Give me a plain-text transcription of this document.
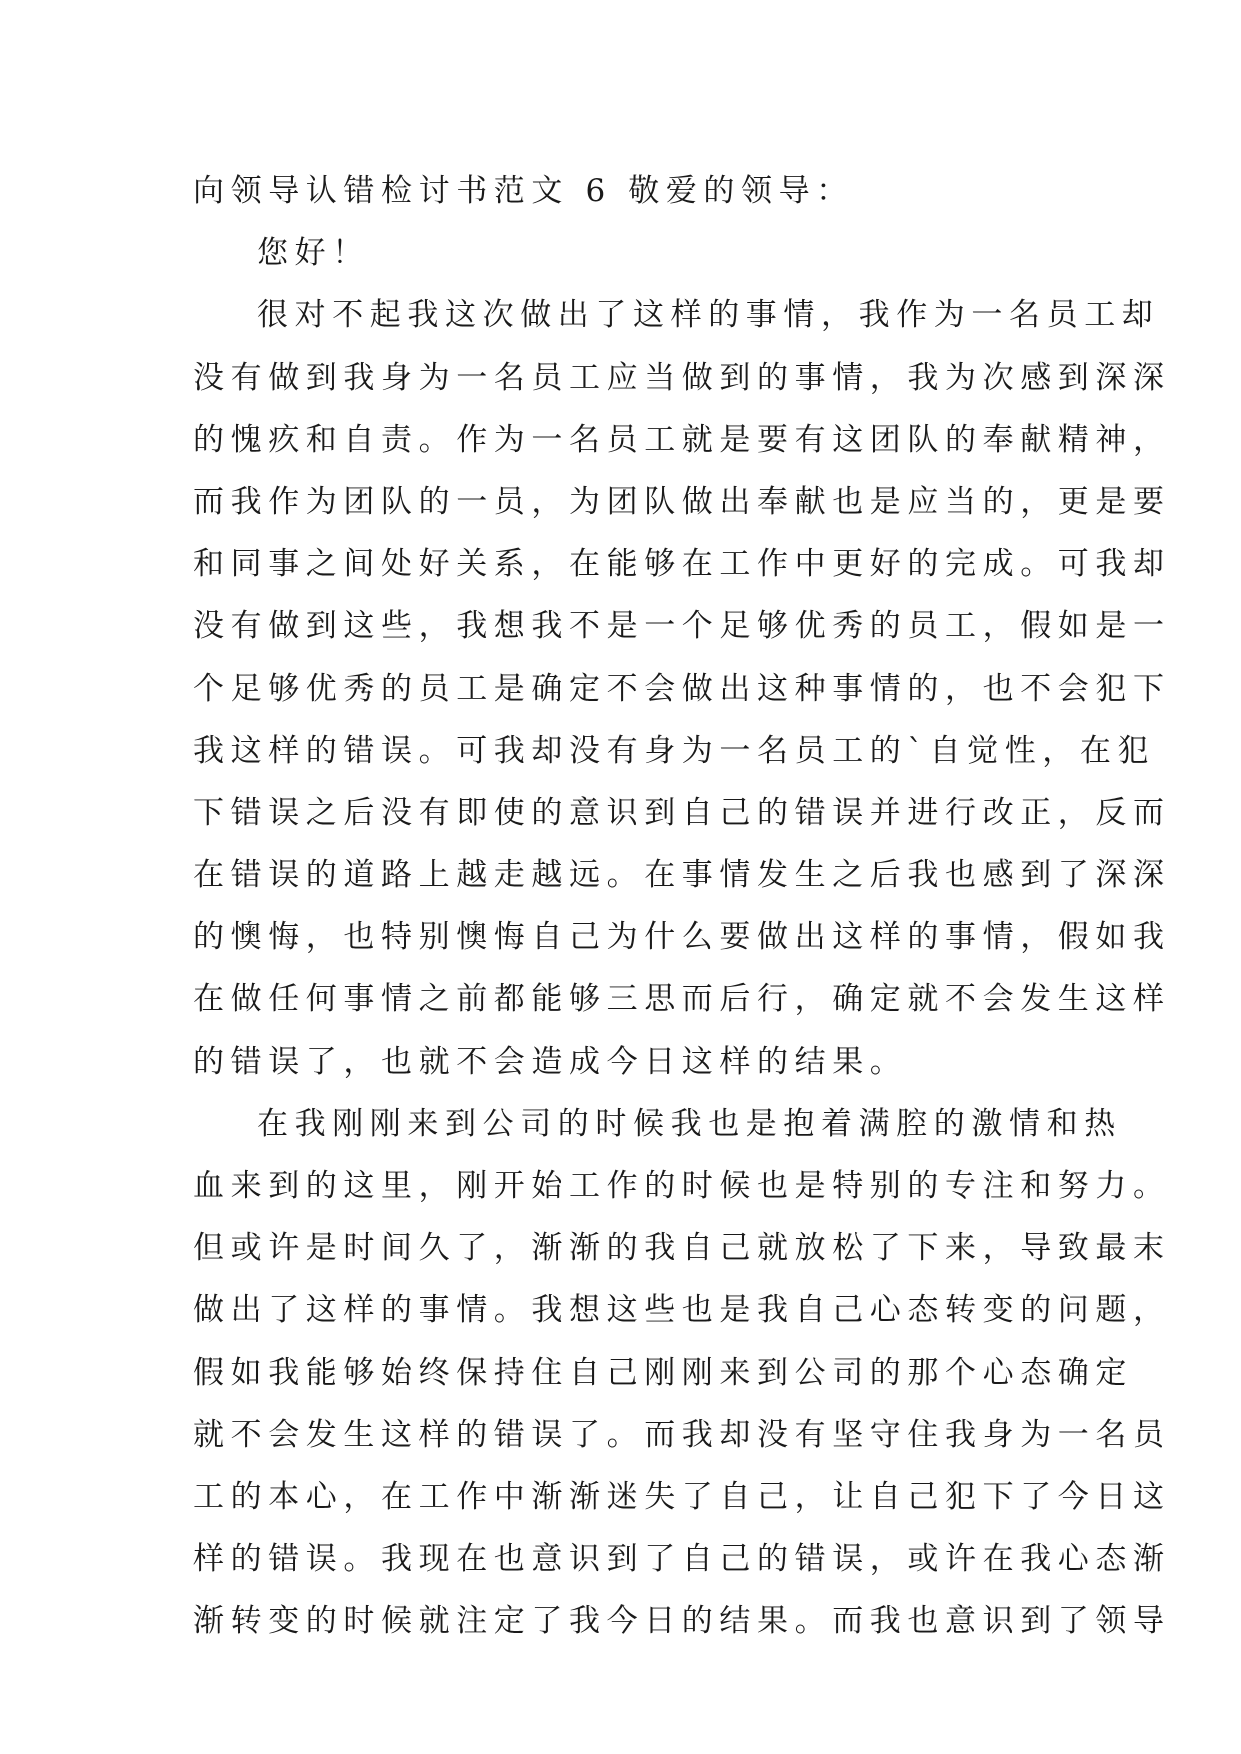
向领导认错检讨书范文 6 敬爱的领导：
您好！
很对不起我这次做出了这样的事情，我作为一名员工却
没有做到我身为一名员工应当做到的事情，我为次感到深深
的愧疚和自责。作为一名员工就是要有这团队的奉献精神，
而我作为团队的一员，为团队做出奉献也是应当的，更是要
和同事之间处好关系，在能够在工作中更好的完成。可我却
没有做到这些，我想我不是一个足够优秀的员工，假如是一
个足够优秀的员工是确定不会做出这种事情的，也不会犯下
我这样的错误。可我却没有身为一名员工的`自觉性，在犯
下错误之后没有即使的意识到自己的错误并进行改正，反而
在错误的道路上越走越远。在事情发生之后我也感到了深深
的懊悔，也特别懊悔自己为什么要做出这样的事情，假如我
在做任何事情之前都能够三思而后行，确定就不会发生这样
的错误了，也就不会造成今日这样的结果。
在我刚刚来到公司的时候我也是抱着满腔的激情和热
血来到的这里，刚开始工作的时候也是特别的专注和努力。
但或许是时间久了，渐渐的我自己就放松了下来，导致最末
做出了这样的事情。我想这些也是我自己心态转变的问题，
假如我能够始终保持住自己刚刚来到公司的那个心态确定
就不会发生这样的错误了。而我却没有坚守住我身为一名员
工的本心，在工作中渐渐迷失了自己，让自己犯下了今日这
样的错误。我现在也意识到了自己的错误，或许在我心态渐
渐转变的时候就注定了我今日的结果。而我也意识到了领导
